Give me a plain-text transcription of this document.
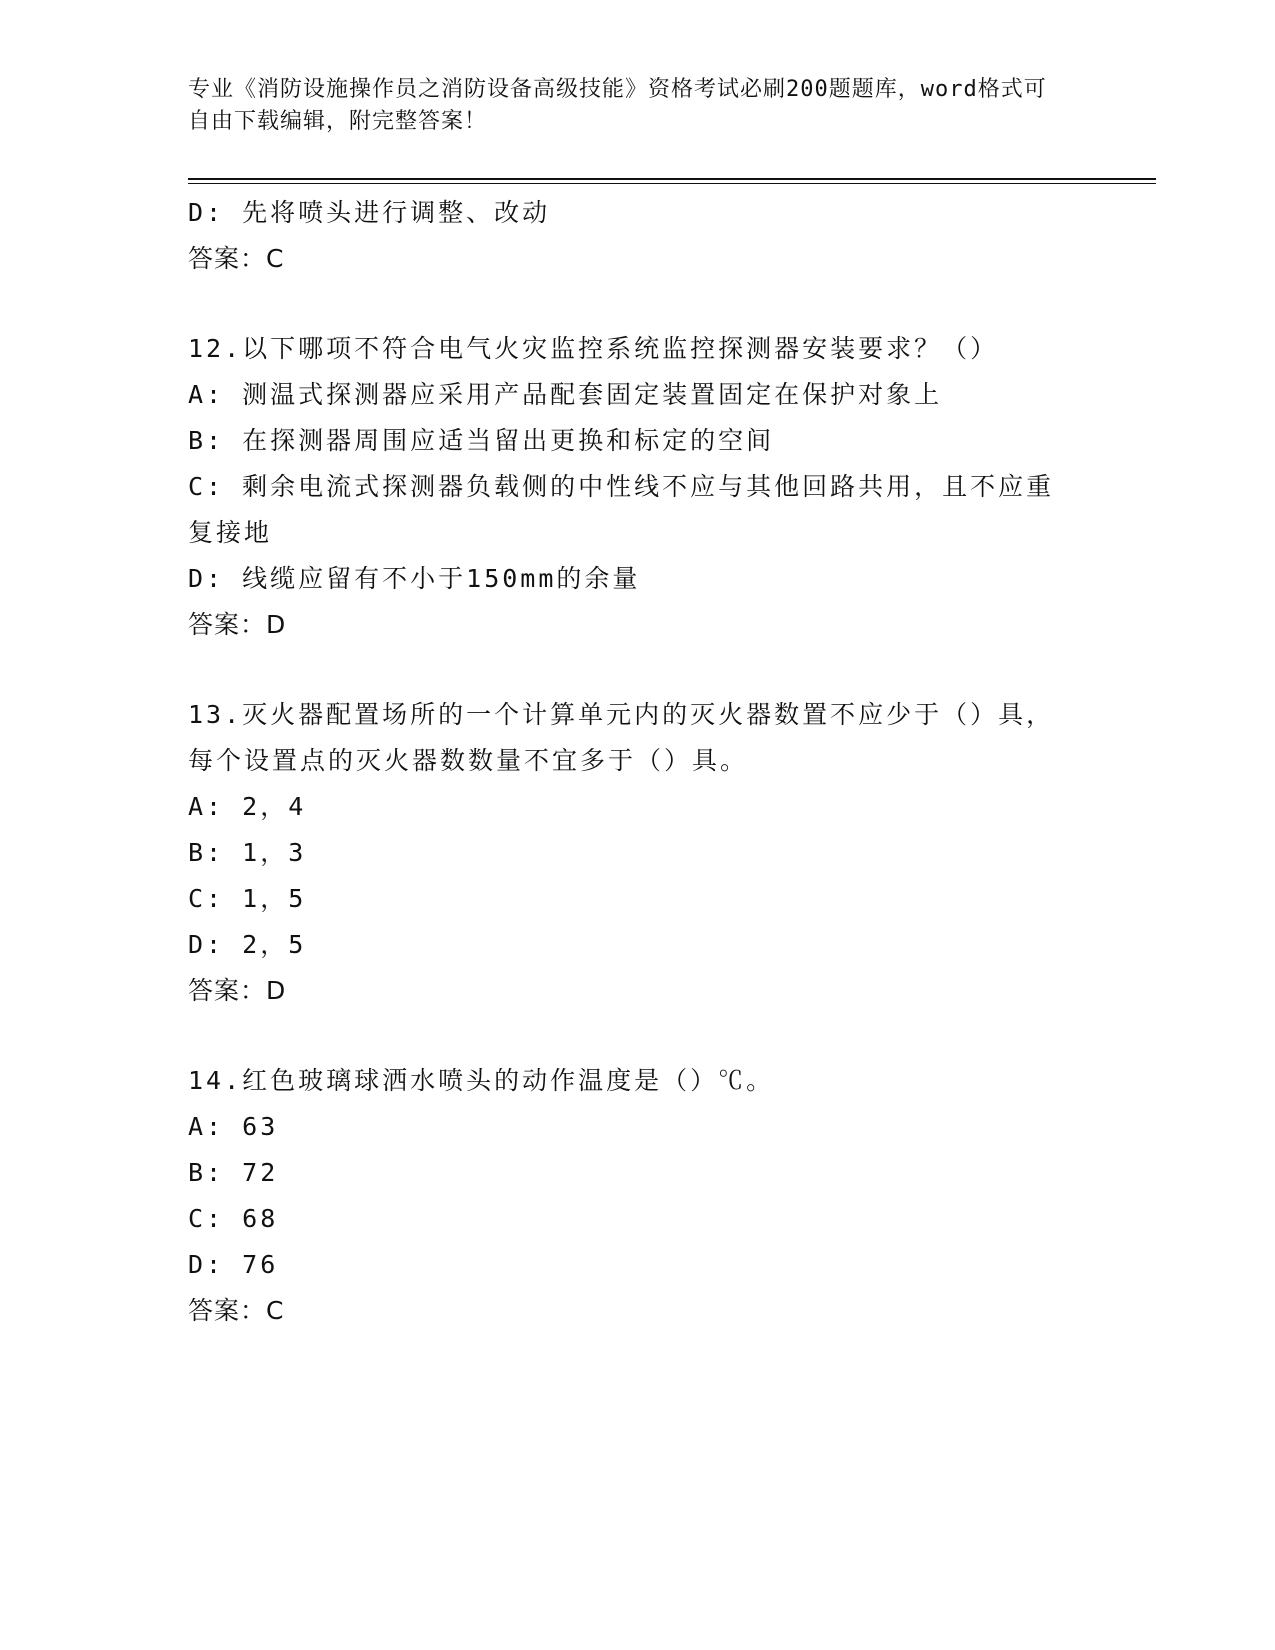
专业《消防设施操作员之消防设备高级技能》资格考试必刷200题题库，word格式可自由下载编辑，附完整答案！
D: 先将喷头进行调整、改动
答案：C
12.以下哪项不符合电气火灾监控系统监控探测器安装要求？（）
A: 测温式探测器应采用产品配套固定装置固定在保护对象上
B: 在探测器周围应适当留出更换和标定的空间
C: 剩余电流式探测器负载侧的中性线不应与其他回路共用，且不应重复接地
D: 线缆应留有不小于150mm的余量
答案：D
13.灭火器配置场所的一个计算单元内的灭火器数置不应少于（）具，每个设置点的灭火器数数量不宜多于（）具。
A: 2，4
B: 1，3
C: 1，5
D: 2，5
答案：D
14.红色玻璃球洒水喷头的动作温度是（）℃。
A: 63
B: 72
C: 68
D: 76
答案：C
